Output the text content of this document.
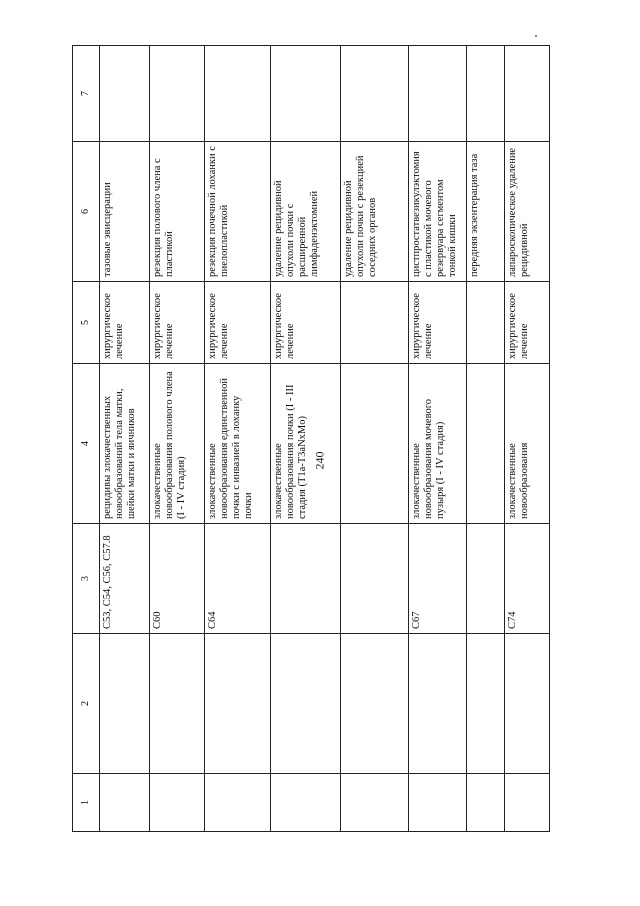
240
1	2	3	4	5	6	7
		C53, C54, C56, C57.8	рецидивы злокачественных новообразований тела матки, шейки матки и яичников	хирургическое лечение	тазовые эвисцерации	
		C60	злокачественные новообразования полового члена (I - IV стадия)	хирургическое лечение	резекция полового члена с пластикой	
		C64	злокачественные новообразования единственной почки с инвазией в лоханку почки	хирургическое лечение	резекция почечной лоханки с пиелопластикой	
			злокачественные новообразования почки (I - III стадия (T1a-T3aNxMo)	хирургическое лечение	удаление рецидивной опухоли почки с расширенной лимфаденэктомией	
					удаление рецидивной опухоли почки с резекцией соседних органов	
		C67	злокачественные новообразования мочевого пузыря (I - IV стадия)	хирургическое лечение	цистпростатвезикулэктомия с пластикой мочевого резервуара сегментом тонкой кишки	
					передняя экзентерация таза	
		C74	злокачественные новообразования	хирургическое лечение	лапароскопическое удаление рецидивной	
